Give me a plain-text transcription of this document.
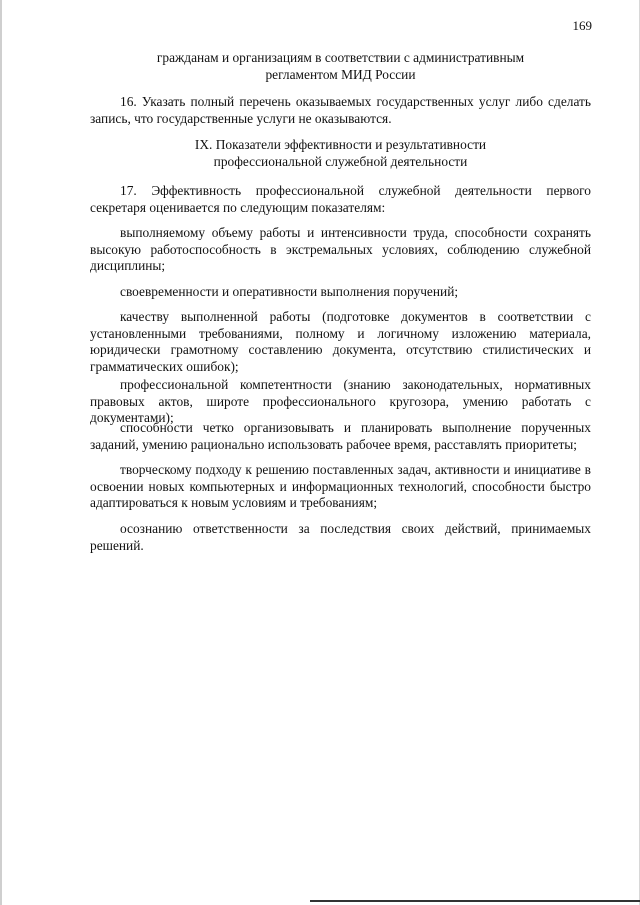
169
гражданам и организациям в соответствии с административным
регламентом МИД России

16. Указать полный перечень оказываемых государственных услуг либо сделать запись, что государственные услуги не оказываются.

IX. Показатели эффективности и результативности
профессиональной служебной деятельности

17. Эффективность профессиональной служебной деятельности первого секретаря оценивается по следующим показателям:

выполняемому объему работы и интенсивности труда, способности сохранять высокую работоспособность в экстремальных условиях, соблюдению служебной дисциплины;

своевременности и оперативности выполнения поручений;

качеству выполненной работы (подготовке документов в соответствии с установленными требованиями, полному и логичному изложению материала, юридически грамотному составлению документа, отсутствию стилистических и грамматических ошибок);

профессиональной компетентности (знанию законодательных, нормативных правовых актов, широте профессионального кругозора, умению работать с документами);

способности четко организовывать и планировать выполнение порученных заданий, умению рационально использовать рабочее время, расставлять приоритеты;

творческому подходу к решению поставленных задач, активности и инициативе в освоении новых компьютерных и информационных технологий, способности быстро адаптироваться к новым условиям и требованиям;

осознанию ответственности за последствия своих действий, принимаемых решений.
